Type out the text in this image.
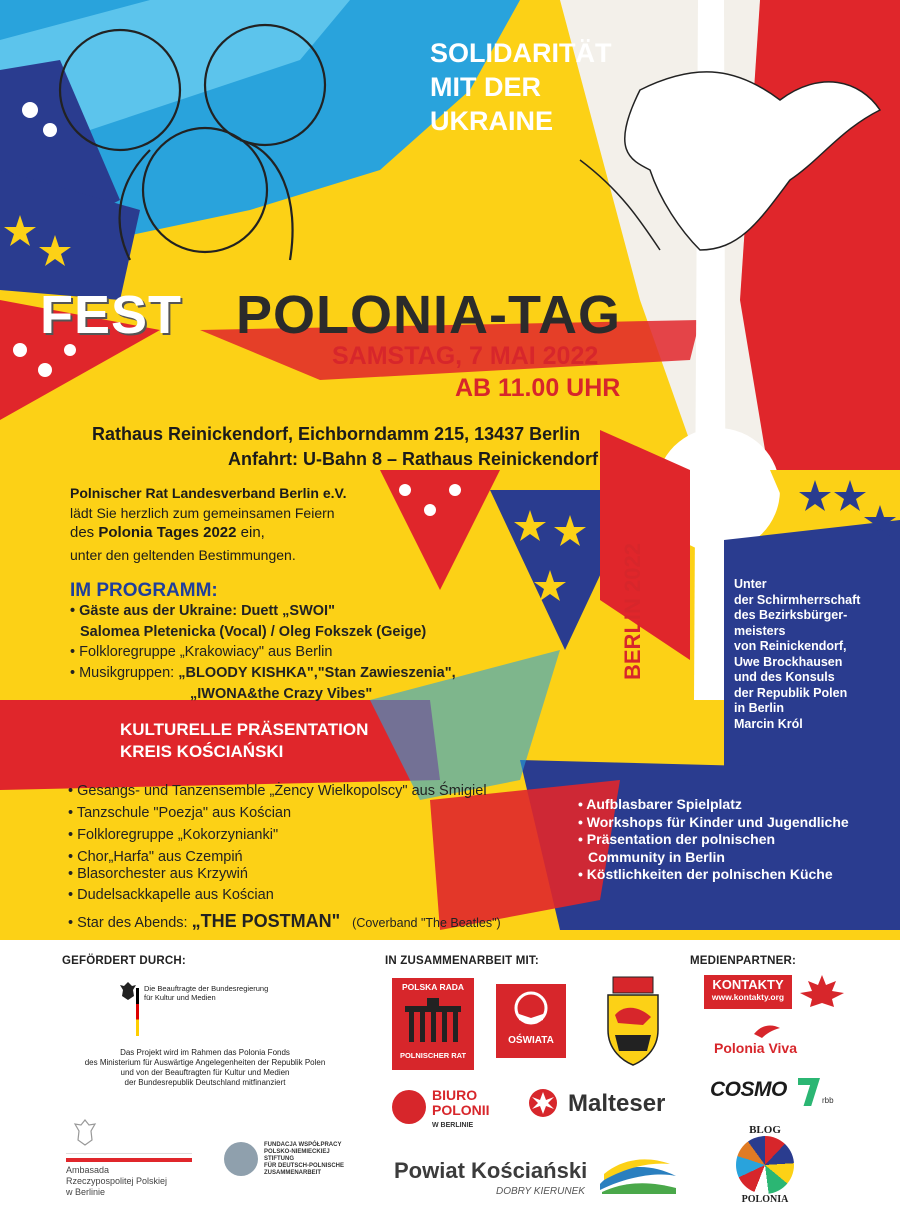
SOLIDARITÄT
MIT DER
UKRAINE
FEST POLONIA-TAG
SAMSTAG, 7 MAI 2022
AB 11.00 UHR
Rathaus Reinickendorf, Eichborndamm 215, 13437 Berlin
Anfahrt: U-Bahn 8 – Rathaus Reinickendorf
Polnischer Rat Landesverband Berlin e.V.
lädt Sie herzlich zum gemeinsamen Feiern
des Polonia Tages 2022 ein,
unter den geltenden Bestimmungen.
IM PROGRAMM:
• Gäste aus der Ukraine: Duett „SWOI"
Salomea Pletenicka (Vocal) / Oleg Fokszek (Geige)
• Folkloregruppe „Krakowiacy" aus Berlin
• Musikgruppen: „BLOODY KISHKA","Stan Zawieszenia",
„IWONA&the Crazy Vibes"
KULTURELLE PRÄSENTATION
KREIS KOŚCIAŃSKI
• Gesangs- und Tanzensemble „Żency Wielkopolscy" aus Śmigiel
• Tanzschule "Poezja" aus Kościan
• Folkloregruppe „Kokorzynianki"
• Chor„Harfa" aus Czempiń
• Blasorchester aus Krzywiń
• Dudelsackkapelle aus Kościan
• Star des Abends: „THE POSTMAN" (Coverband "The Beatles")
BERLIN 2022	Unter
der Schirmherrschaft
des Bezirksbürger-
meisters
von Reinickendorf,
Uwe Brockhausen
und des Konsuls
der Republik Polen
in Berlin
Marcin Król
• Aufblasbarer Spielplatz
• Workshops für Kinder und Jugendliche
• Präsentation der polnischen
Community in Berlin
• Köstlichkeiten der polnischen Küche
GEFÖRDERT DURCH:
Die Beauftragte der Bundesregierung
für Kultur und Medien
Das Projekt wird im Rahmen das Polonia Fonds
des Ministerium für Auswärtige Angelegenheiten der Republik Polen
und von der Beauftragten für Kultur und Medien
der Bundesrepublik Deutschland mitfinanziert
Ambasada
Rzeczypospolitej Polskiej
w Berlinie
FUNDACJA WSPÓŁPRACY
POLSKO-NIEMIECKIEJ
STIFTUNG
FÜR DEUTSCH-POLNISCHE
ZUSAMMENARBEIT
IN ZUSAMMENARBEIT MIT:
POLSKA RADA
POLNISCHER RAT
OŚWIATA
BIURO
POLONII
W BERLINIE
Malteser
Powiat Kościański
DOBRY KIERUNEK
MEDIENPARTNER:
KONTAKTY
www.kontakty.org
Polonia Viva
COSMO	rbb
BLOG
POLONIA
